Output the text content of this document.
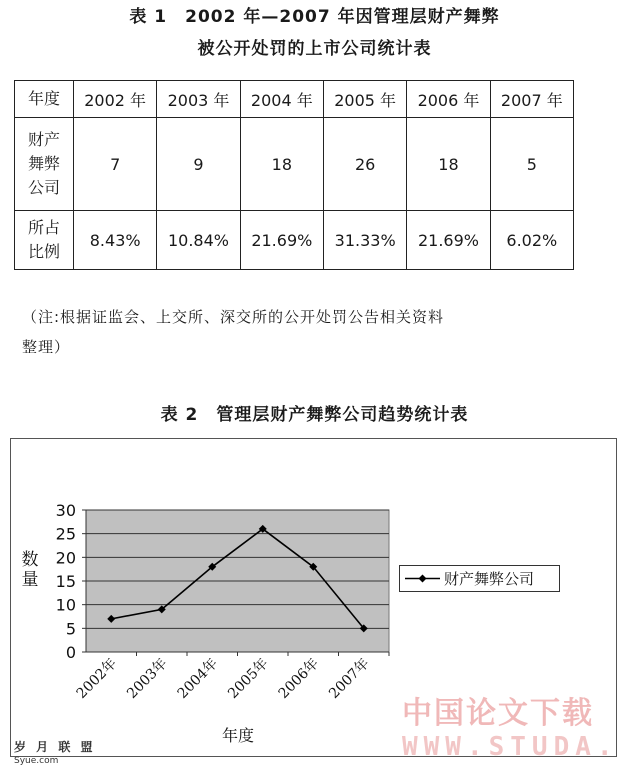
表 1　2002 年—2007 年因管理层财产舞弊
被公开处罚的上市公司统计表
年度	2002 年	2003 年	2004 年	2005 年	2006 年	2007 年

财产
舞弊
公司	7	9	18	26	18	5

所占
比例	8.43%	10.84%	21.69%	31.33%	21.69%	6.02%
（注:根据证监会、上交所、深交所的公开处罚公告相关资料
整理）
表 2　管理层财产舞弊公司趋势统计表
0
5
10
15
20
25
30
2002年 2003年 2004年 2005年 2006年 2007年
数量
年度
财产舞弊公司
中国论文下载
WWW.STUDA.
岁 月 联 盟
Syue.com
